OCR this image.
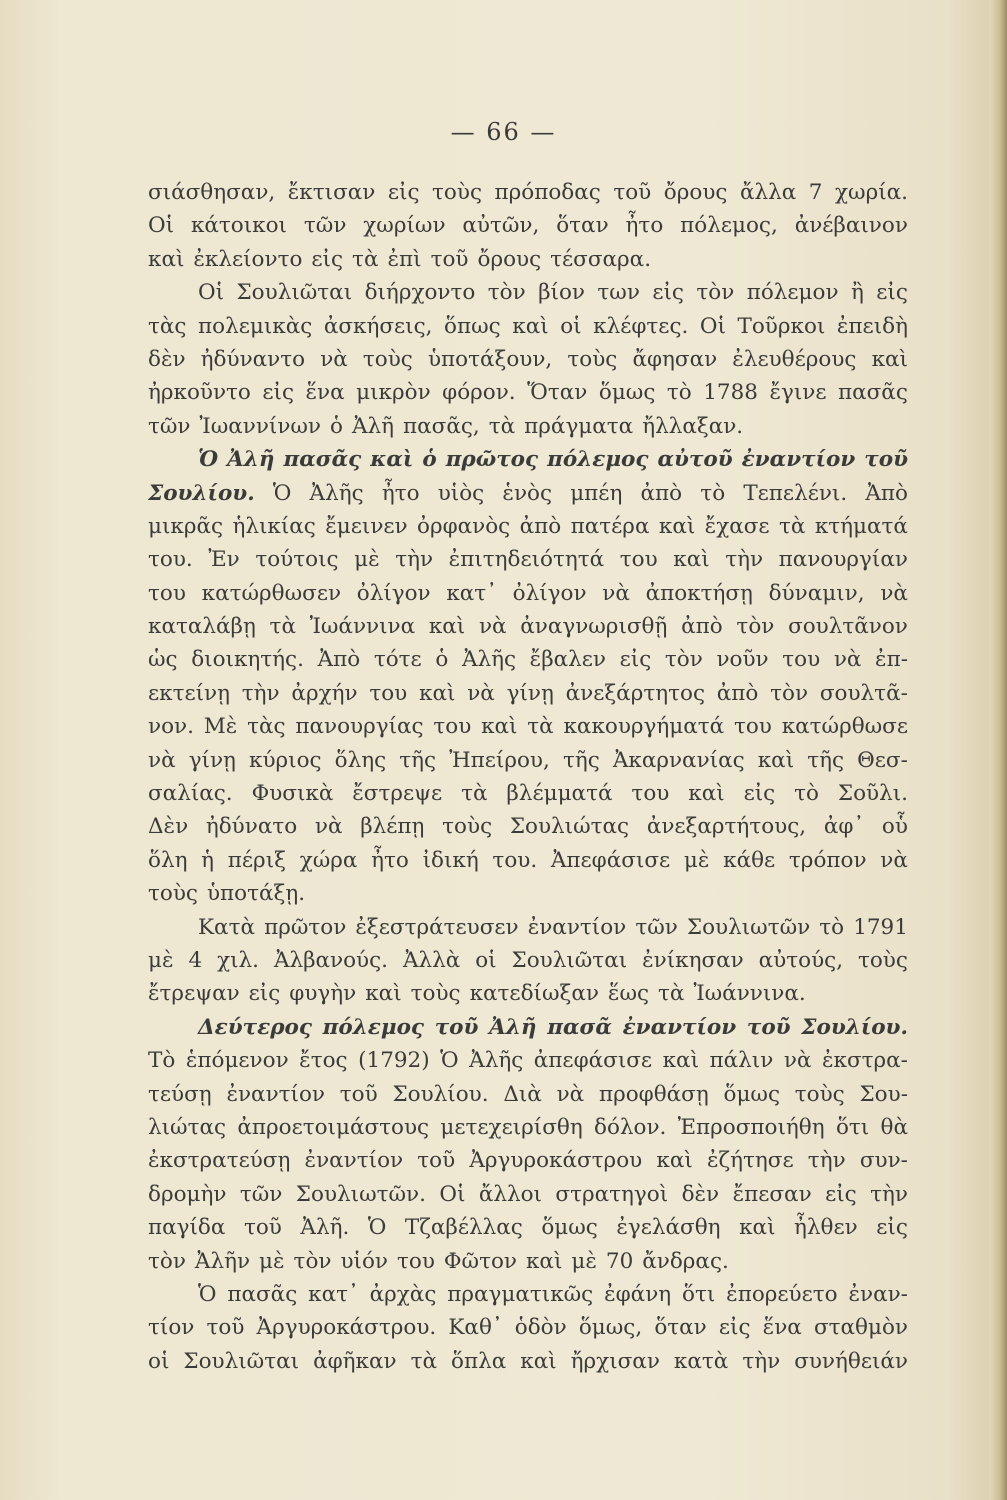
— 66 —
σιάσθησαν, ἔκτισαν εἰς τοὺς πρόποδας τοῦ ὄρους ἄλλα 7 χωρία.
Οἱ κάτοικοι τῶν χωρίων αὐτῶν, ὅταν ἦτο πόλεμος, ἀνέβαινον
καὶ ἐκλείοντο εἰς τὰ ἐπὶ τοῦ ὄρους τέσσαρα.
Οἱ Σουλιῶται διήρχοντο τὸν βίον των εἰς τὸν πόλεμον ἢ εἰς
τὰς πολεμικὰς ἀσκήσεις, ὅπως καὶ οἱ κλέφτες. Οἱ Τοῦρκοι ἐπειδὴ
δὲν ἠδύναντο νὰ τοὺς ὑποτάξουν, τοὺς ἄφησαν ἐλευθέρους καὶ
ἠρκοῦντο εἰς ἕνα μικρὸν φόρον. Ὅταν ὅμως τὸ 1788 ἔγινε πασᾶς
τῶν Ἰωαννίνων ὁ Ἀλῆ πασᾶς, τὰ πράγματα ἤλλαξαν.
Ὁ Ἀλῆ πασᾶς καὶ ὁ πρῶτος πόλεμος αὐτοῦ ἐναντίον τοῦ
Σουλίου. Ὁ Ἀλῆς ἦτο υἱὸς ἑνὸς μπέη ἀπὸ τὸ Τεπελένι. Ἀπὸ
μικρᾶς ἡλικίας ἔμεινεν ὀρφανὸς ἀπὸ πατέρα καὶ ἔχασε τὰ κτήματά
του. Ἐν τούτοις μὲ τὴν ἐπιτηδειότητά του καὶ τὴν πανουργίαν
του κατώρθωσεν ὀλίγον κατ᾽ ὀλίγον νὰ ἀποκτήσῃ δύναμιν, νὰ
καταλάβῃ τὰ Ἰωάννινα καὶ νὰ ἀναγνωρισθῇ ἀπὸ τὸν σουλτᾶνον
ὡς διοικητής. Ἀπὸ τότε ὁ Ἀλῆς ἔβαλεν εἰς τὸν νοῦν του νὰ ἐπ-
εκτείνῃ τὴν ἀρχήν του καὶ νὰ γίνῃ ἀνεξάρτητος ἀπὸ τὸν σουλτᾶ-
νον. Μὲ τὰς πανουργίας του καὶ τὰ κακουργήματά του κατώρθωσε
νὰ γίνῃ κύριος ὅλης τῆς Ἠπείρου, τῆς Ἀκαρνανίας καὶ τῆς Θεσ-
σαλίας. Φυσικὰ ἔστρεψε τὰ βλέμματά του καὶ εἰς τὸ Σοῦλι.
Δὲν ἠδύνατο νὰ βλέπῃ τοὺς Σουλιώτας ἀνεξαρτήτους, ἀφ᾽ οὗ
ὅλη ἡ πέριξ χώρα ἦτο ἰδική του. Ἀπεφάσισε μὲ κάθε τρόπον νὰ
τοὺς ὑποτάξῃ.
Κατὰ πρῶτον ἐξεστράτευσεν ἐναντίον τῶν Σουλιωτῶν τὸ 1791
μὲ 4 χιλ. Ἀλβανούς. Ἀλλὰ οἱ Σουλιῶται ἐνίκησαν αὐτούς, τοὺς
ἔτρεψαν εἰς φυγὴν καὶ τοὺς κατεδίωξαν ἕως τὰ Ἰωάννινα.
Δεύτερος πόλεμος τοῦ Ἀλῆ πασᾶ ἐναντίον τοῦ Σουλίου.
Τὸ ἑπόμενον ἔτος (1792) Ὁ Ἀλῆς ἀπεφάσισε καὶ πάλιν νὰ ἐκστρα-
τεύσῃ ἐναντίον τοῦ Σουλίου. Διὰ νὰ προφθάσῃ ὅμως τοὺς Σου-
λιώτας ἀπροετοιμάστους μετεχειρίσθη δόλον. Ἐπροσποιήθη ὅτι θὰ
ἐκστρατεύσῃ ἐναντίον τοῦ Ἀργυροκάστρου καὶ ἐζήτησε τὴν συν-
δρομὴν τῶν Σουλιωτῶν. Οἱ ἄλλοι στρατηγοὶ δὲν ἔπεσαν εἰς τὴν
παγίδα τοῦ Ἀλῆ. Ὁ Τζαβέλλας ὅμως ἐγελάσθη καὶ ἦλθεν εἰς
τὸν Ἀλῆν μὲ τὸν υἱόν του Φῶτον καὶ μὲ 70 ἄνδρας.
Ὁ πασᾶς κατ᾽ ἀρχὰς πραγματικῶς ἐφάνη ὅτι ἐπορεύετο ἐναν-
τίον τοῦ Ἀργυροκάστρου. Καθ᾽ ὁδὸν ὅμως, ὅταν εἰς ἕνα σταθμὸν
οἱ Σουλιῶται ἀφῆκαν τὰ ὅπλα καὶ ἤρχισαν κατὰ τὴν συνήθειάν
